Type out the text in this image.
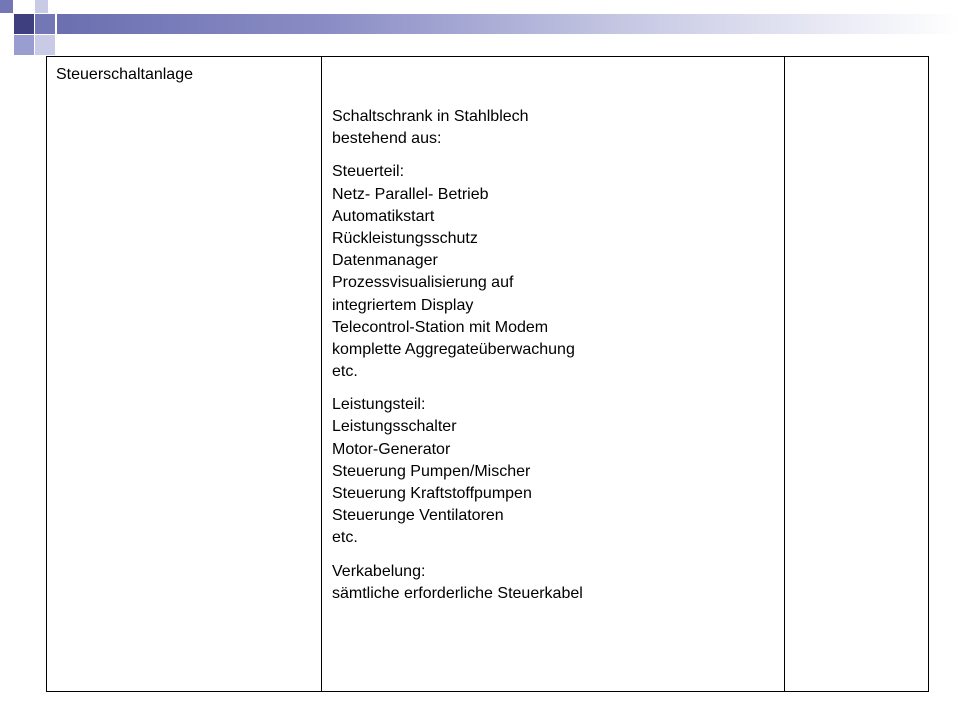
Steuerschaltanlage
Schaltschrank in Stahlblech
bestehend aus:
Steuerteil:
Netz- Parallel- Betrieb
Automatikstart
Rückleistungsschutz
Datenmanager
Prozessvisualisierung auf
integriertem Display
Telecontrol-Station mit Modem
komplette Aggregateüberwachung
etc.
Leistungsteil:
Leistungsschalter
Motor-Generator
Steuerung Pumpen/Mischer
Steuerung Kraftstoffpumpen
Steuerunge Ventilatoren
etc.
Verkabelung:
sämtliche erforderliche Steuerkabel
